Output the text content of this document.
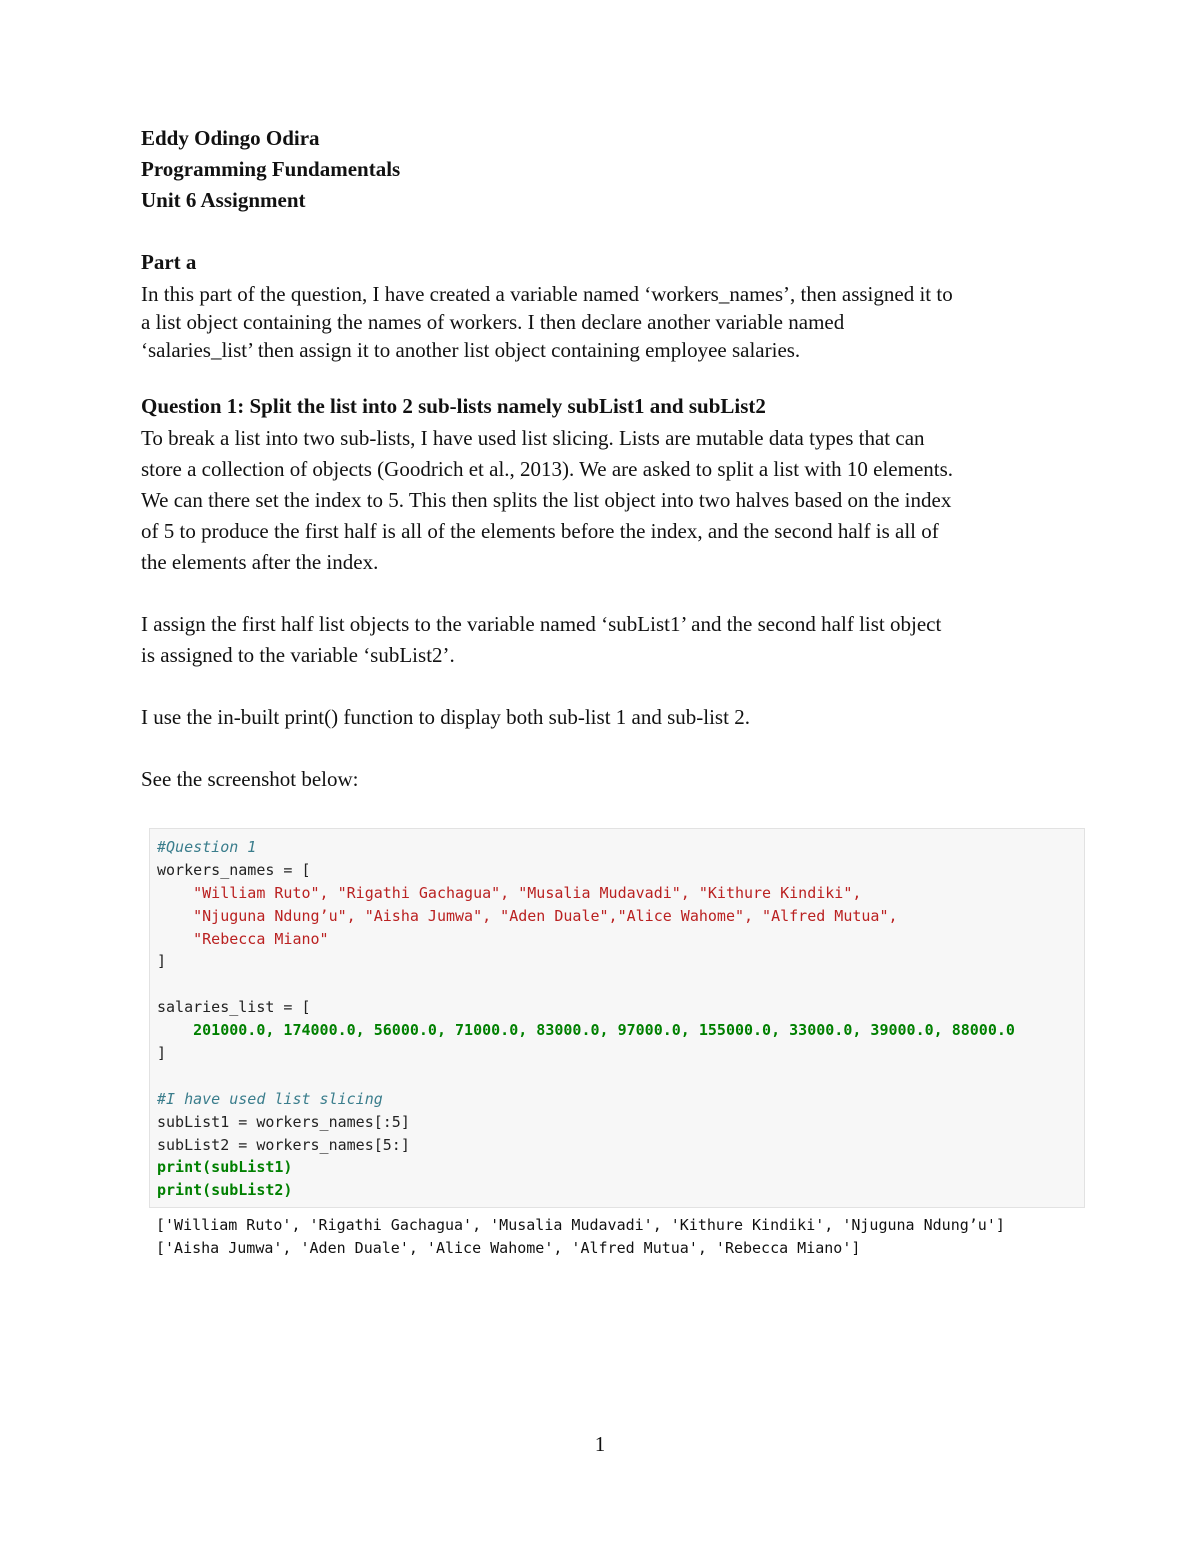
Eddy Odingo Odira
Programming Fundamentals
Unit 6 Assignment
Part a
In this part of the question, I have created a variable named ‘workers_names’, then assigned it to
a list object containing the names of workers. I then declare another variable named
‘salaries_list’ then assign it to another list object containing employee salaries.
Question 1: Split the list into 2 sub-lists namely subList1 and subList2
To break a list into two sub-lists, I have used list slicing. Lists are mutable data types that can
store a collection of objects (Goodrich et al., 2013). We are asked to split a list with 10 elements.
We can there set the index to 5. This then splits the list object into two halves based on the index
of 5 to produce the first half is all of the elements before the index, and the second half is all of
the elements after the index.
I assign the first half list objects to the variable named ‘subList1’ and the second half list object
is assigned to the variable ‘subList2’.
I use the in-built print() function to display both sub-list 1 and sub-list 2.
See the screenshot below:
#Question 1
workers_names = [
"William Ruto", "Rigathi Gachagua", "Musalia Mudavadi", "Kithure Kindiki",
"Njuguna Ndung’u", "Aisha Jumwa", "Aden Duale","Alice Wahome", "Alfred Mutua",
"Rebecca Miano"
]
salaries_list = [
201000.0, 174000.0, 56000.0, 71000.0, 83000.0, 97000.0, 155000.0, 33000.0, 39000.0, 88000.0
]
#I have used list slicing
subList1 = workers_names[:5]
subList2 = workers_names[5:]
print(subList1)
print(subList2)
['William Ruto', 'Rigathi Gachagua', 'Musalia Mudavadi', 'Kithure Kindiki', 'Njuguna Ndung’u']
['Aisha Jumwa', 'Aden Duale', 'Alice Wahome', 'Alfred Mutua', 'Rebecca Miano']
1
